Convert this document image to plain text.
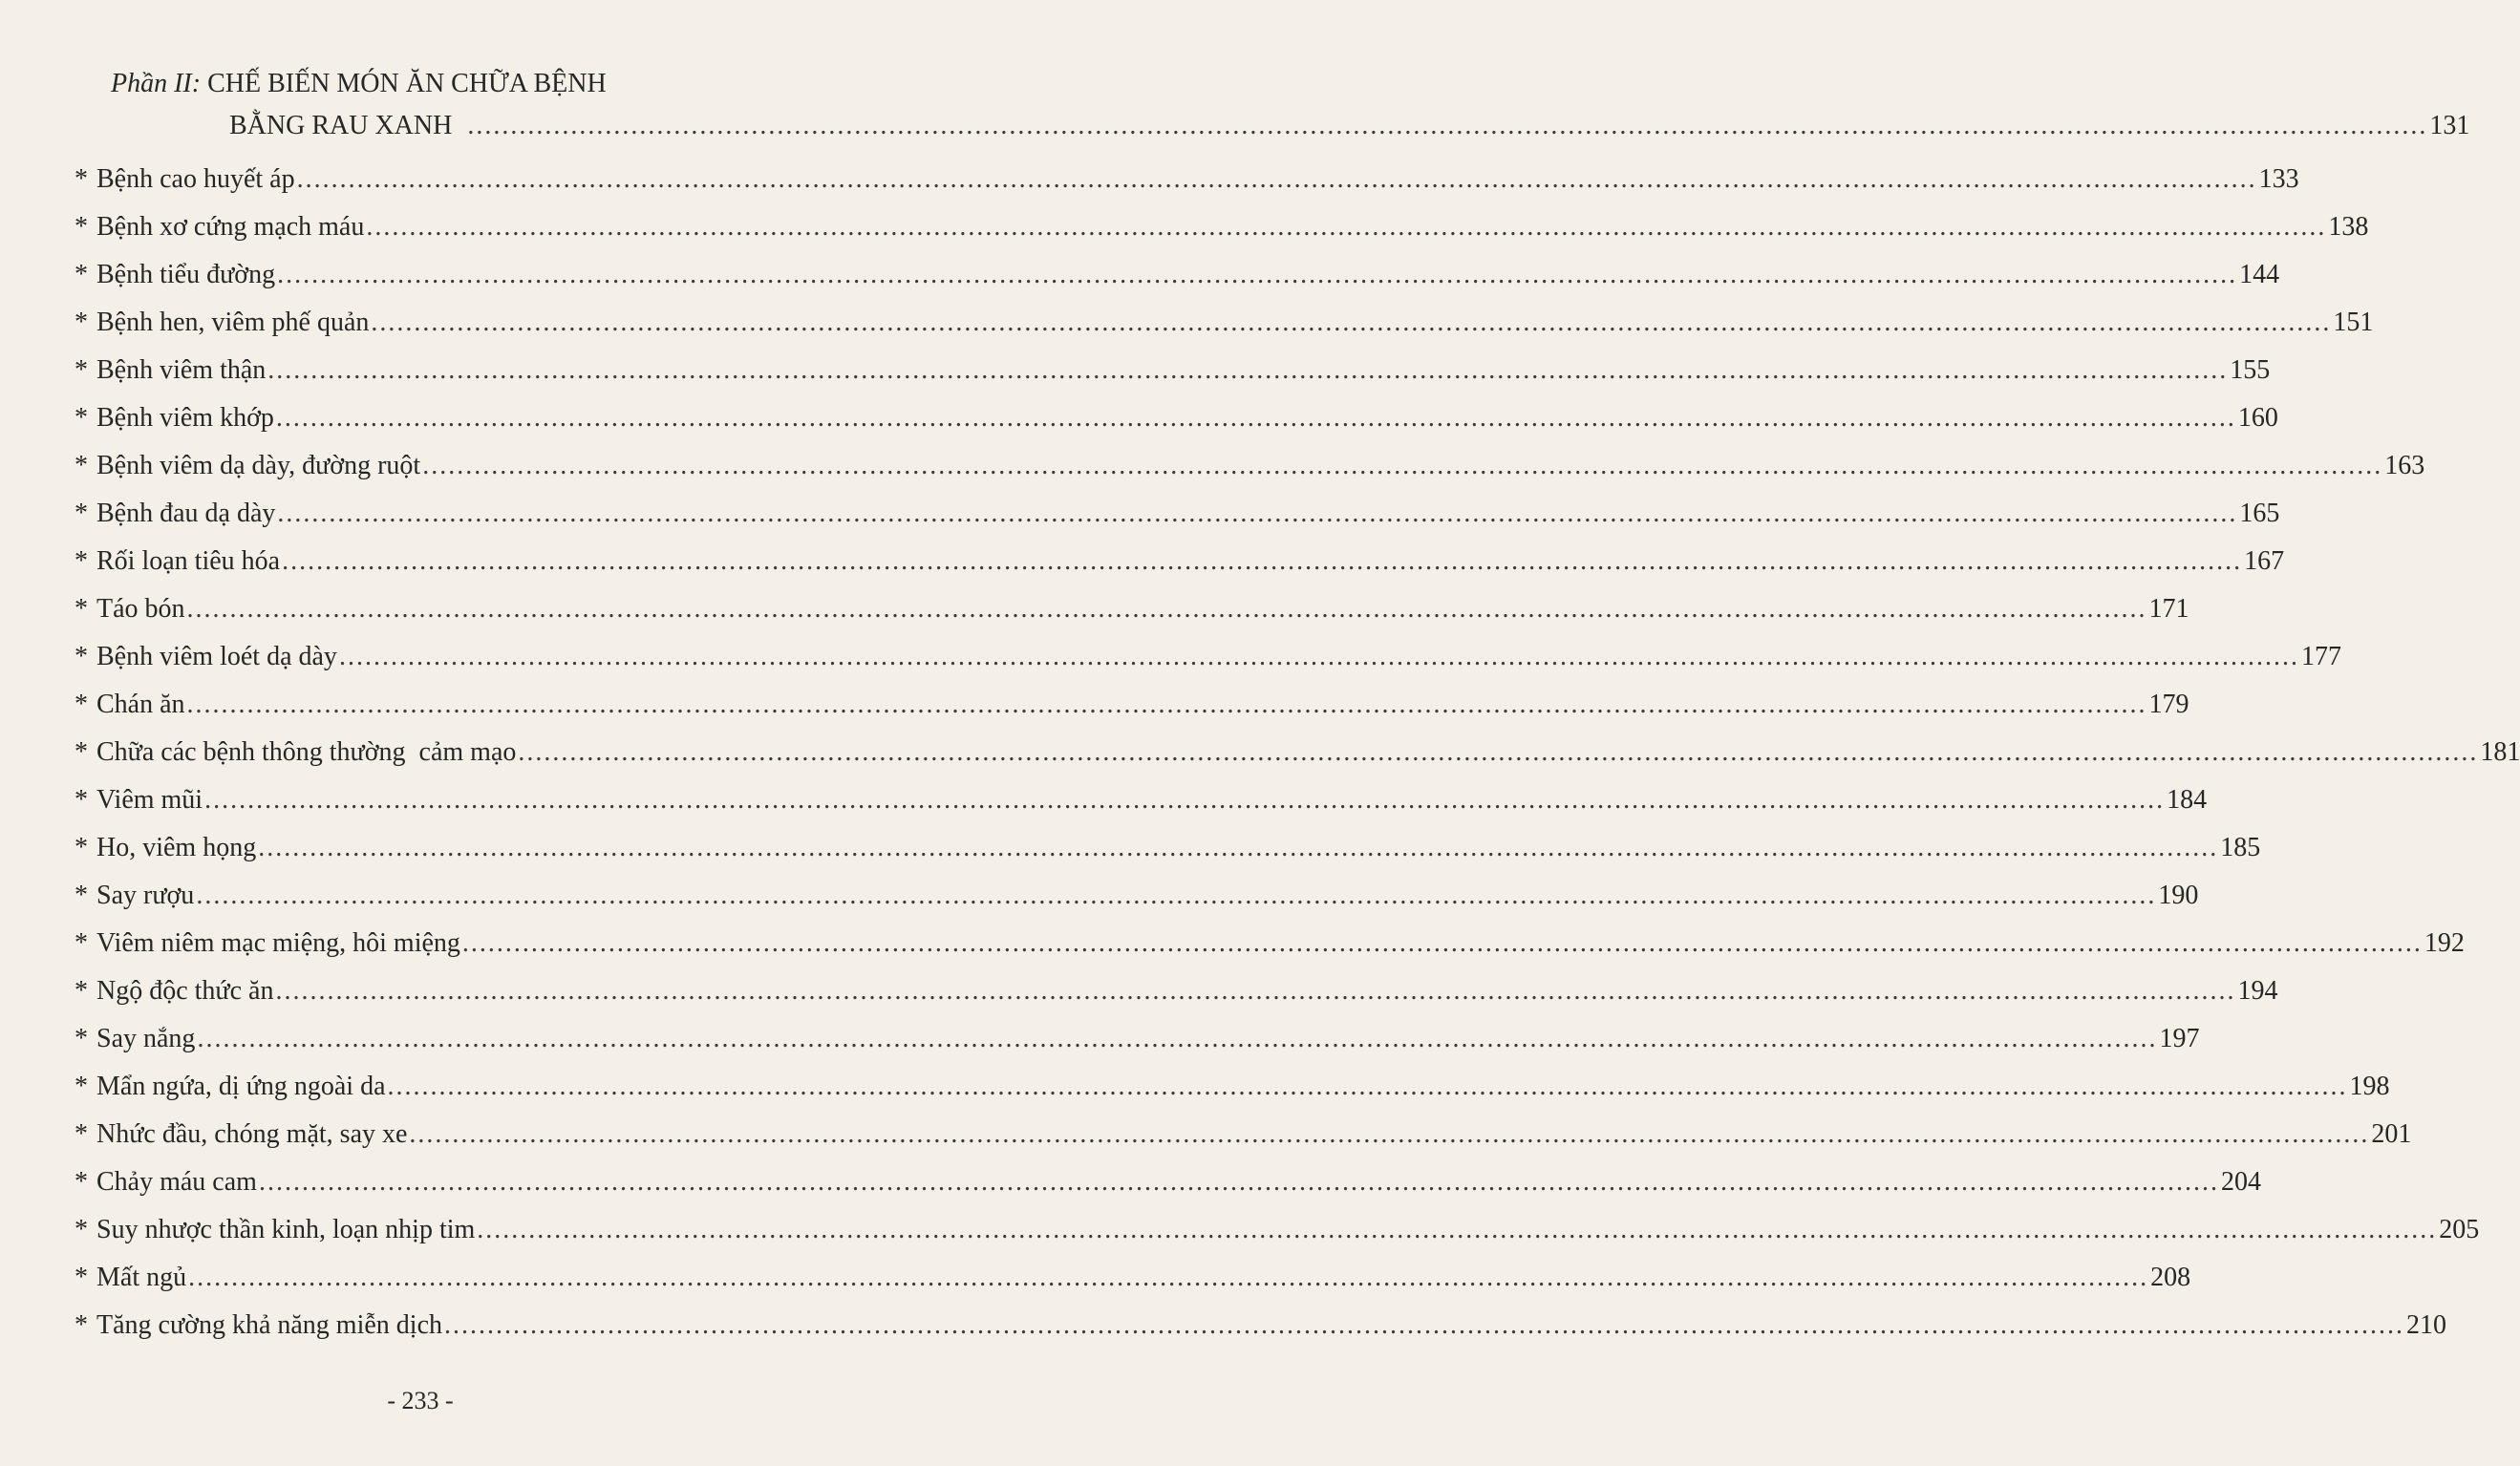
Phần II: CHẾ BIẾN MÓN ĂN CHỮA BỆNH
BẰNG RAU XANH .....	131
* Bệnh cao huyết áp .....	133
* Bệnh xơ cứng mạch máu .....	138
* Bệnh tiểu đường .....	144
* Bệnh hen, viêm phế quản .....	151
* Bệnh viêm thận .....	155
* Bệnh viêm khớp .....	160
* Bệnh viêm dạ dày, đường ruột .....	163
* Bệnh đau dạ dày .....	165
* Rối loạn tiêu hóa .....	167
* Táo bón .....	171
* Bệnh viêm loét dạ dày .....	177
* Chán ăn .....	179
* Chữa các bệnh thông thường  cảm mạo .....	181
* Viêm mũi .....	184
* Ho, viêm họng .....	185
* Say rượu .....	190
* Viêm niêm mạc miệng, hôi miệng .....	192
* Ngộ độc thức ăn .....	194
* Say nắng .....	197
* Mẩn ngứa, dị ứng ngoài da .....	198
* Nhức đầu, chóng mặt, say xe .....	201
* Chảy máu cam .....	204
* Suy nhược thần kinh, loạn nhịp tim .....	205
* Mất ngủ .....	208
* Tăng cường khả năng miễn dịch .....	210
- 233 -
